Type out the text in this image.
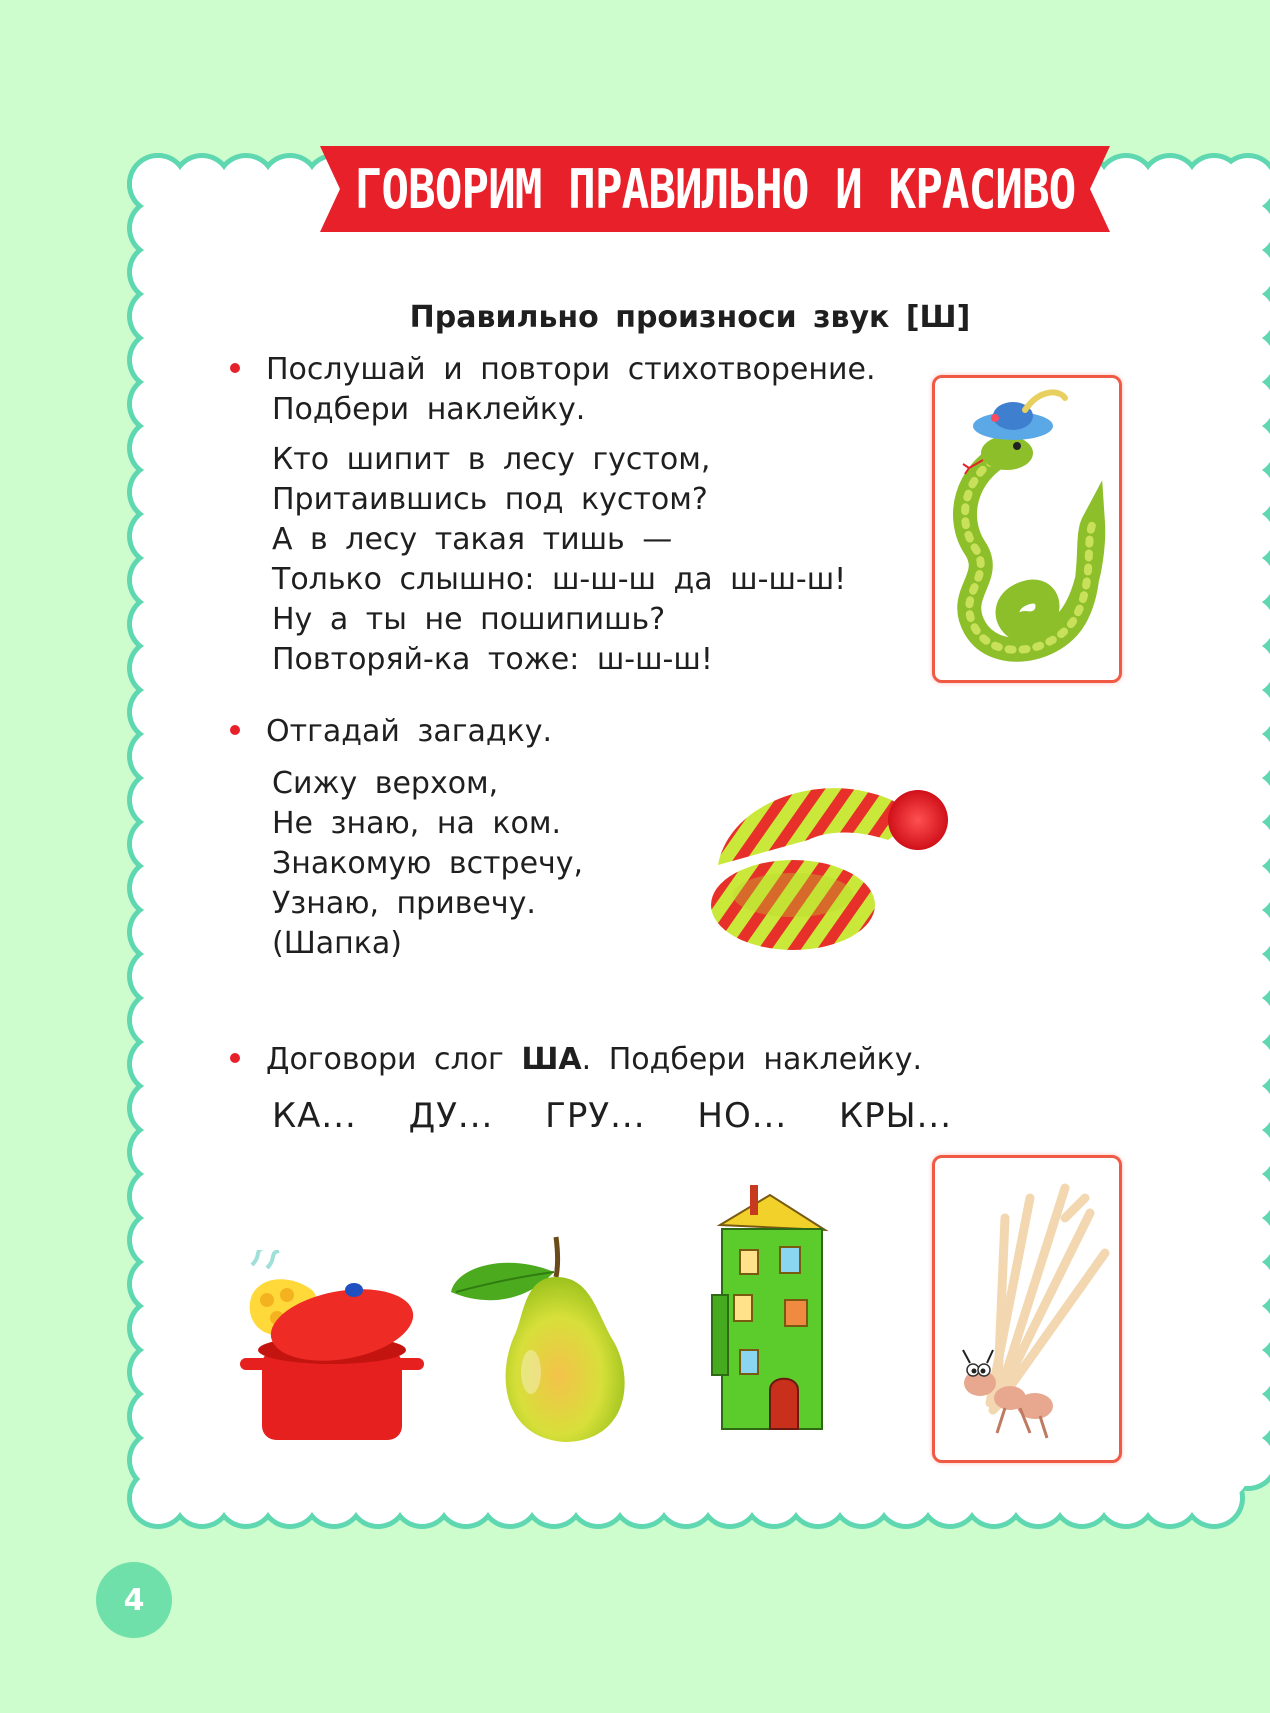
ГОВОРИМ ПРАВИЛЬНО И КРАСИВО
Правильно произноси звук [Ш]
Послушай и повтори стихотворение.
Подбери наклейку.
Кто шипит в лесу густом,
Притаившись под кустом?
А в лесу такая тишь —
Только слышно: ш-ш-ш да ш-ш-ш!
Ну а ты не пошипишь?
Повторяй-ка тоже: ш-ш-ш!
Отгадай загадку.
Сижу верхом,
Не знаю, на ком.
Знакомую встречу,
Узнаю, привечу.
(Шапка)
Договори слог ША. Подбери наклейку.
КА... ДУ... ГРУ... НО... КРЫ...
4
